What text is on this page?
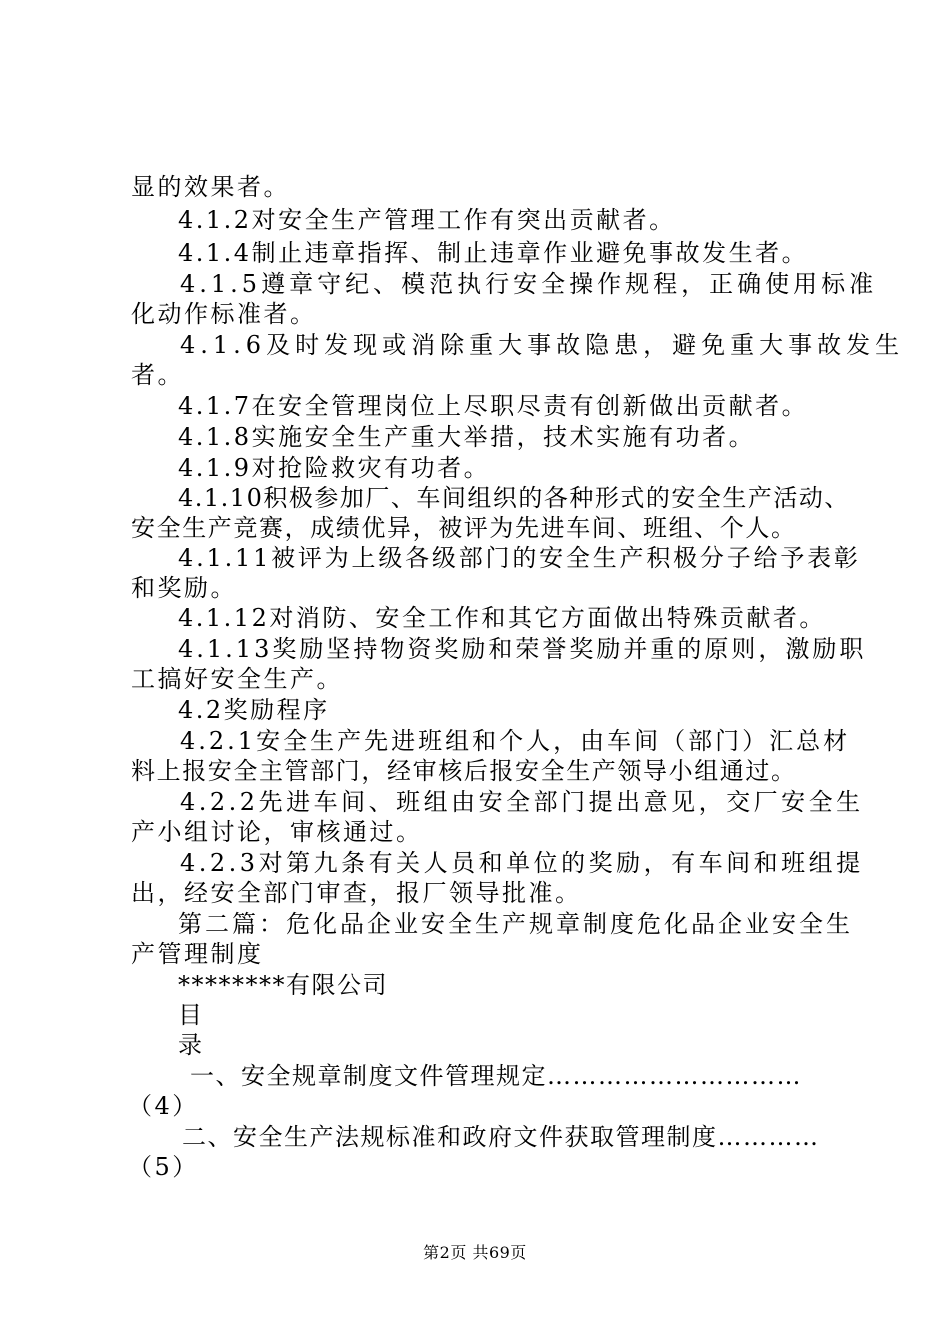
显的效果者。
4.1.2对安全生产管理工作有突出贡献者。
4.1.4制止违章指挥、制止违章作业避免事故发生者。
4.1.5遵章守纪、模范执行安全操作规程，正确使用标准
化动作标准者。
4.1.6及时发现或消除重大事故隐患，避免重大事故发生
者。
4.1.7在安全管理岗位上尽职尽责有创新做出贡献者。
4.1.8实施安全生产重大举措，技术实施有功者。
4.1.9对抢险救灾有功者。
4.1.10积极参加厂、车间组织的各种形式的安全生产活动、
安全生产竞赛，成绩优异，被评为先进车间、班组、个人。
4.1.11被评为上级各级部门的安全生产积极分子给予表彰
和奖励。
4.1.12对消防、安全工作和其它方面做出特殊贡献者。
4.1.13奖励坚持物资奖励和荣誉奖励并重的原则，激励职
工搞好安全生产。
4.2奖励程序
4.2.1安全生产先进班组和个人，由车间（部门）汇总材
料上报安全主管部门，经审核后报安全生产领导小组通过。
4.2.2先进车间、班组由安全部门提出意见，交厂安全生
产小组讨论，审核通过。
4.2.3对第九条有关人员和单位的奖励，有车间和班组提
出，经安全部门审查，报厂领导批准。
第二篇：危化品企业安全生产规章制度危化品企业安全生
产管理制度
********有限公司
目
录
一、安全规章制度文件管理规定…………………………
（4）
二、安全生产法规标准和政府文件获取管理制度…………
（5）
第2页 共69页
